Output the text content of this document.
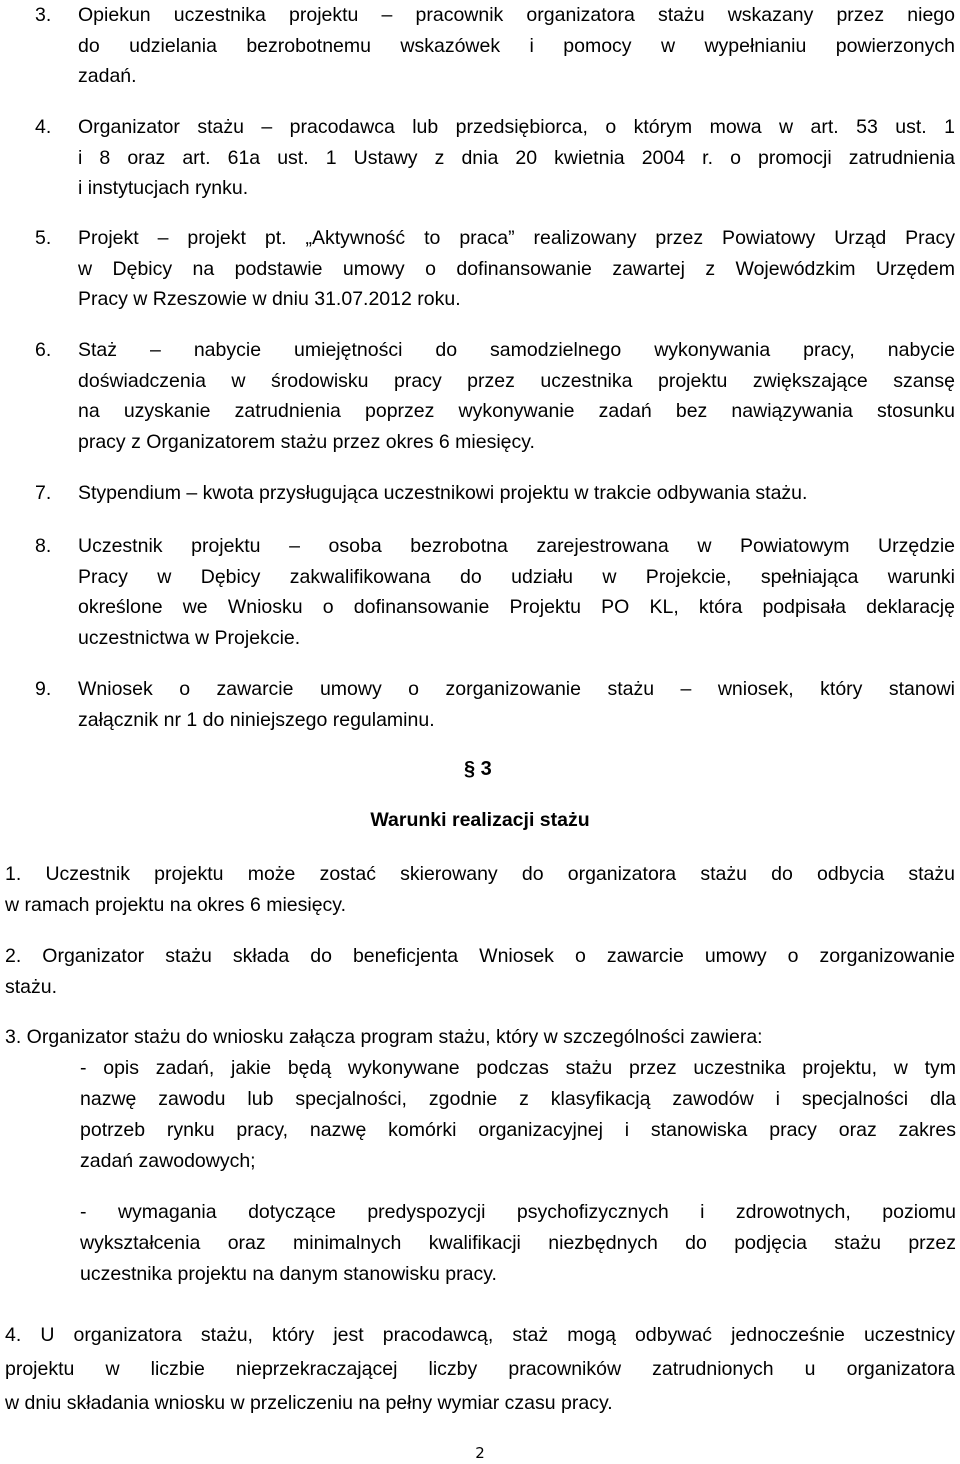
3. Opiekun uczestnika projektu – pracownik organizatora stażu wskazany przez niego
do udzielania bezrobotnemu wskazówek i pomocy w wypełnianiu powierzonych
zadań.
4. Organizator stażu – pracodawca lub przedsiębiorca, o którym mowa w art. 53 ust. 1
i 8 oraz art. 61a ust. 1 Ustawy z dnia 20 kwietnia 2004 r. o promocji zatrudnienia
i instytucjach rynku.
5. Projekt – projekt pt. „Aktywność to praca” realizowany przez Powiatowy Urząd Pracy
w Dębicy na podstawie umowy o dofinansowanie zawartej z Wojewódzkim Urzędem
Pracy w Rzeszowie w dniu 31.07.2012 roku.
6. Staż – nabycie umiejętności do samodzielnego wykonywania pracy, nabycie
doświadczenia w środowisku pracy przez uczestnika projektu zwiększające szansę
na uzyskanie zatrudnienia poprzez wykonywanie zadań bez nawiązywania stosunku
pracy z Organizatorem stażu przez okres 6 miesięcy.
7. Stypendium – kwota przysługująca uczestnikowi projektu w trakcie odbywania stażu.
8. Uczestnik projektu – osoba bezrobotna zarejestrowana w Powiatowym Urzędzie
Pracy w Dębicy zakwalifikowana do udziału w Projekcie, spełniająca warunki
określone we Wniosku o dofinansowanie Projektu PO KL, która podpisała deklarację
uczestnictwa w Projekcie.
9. Wniosek o zawarcie umowy o zorganizowanie stażu – wniosek, który stanowi
załącznik nr 1 do niniejszego regulaminu.
§ 3
Warunki realizacji stażu
1. Uczestnik projektu może zostać skierowany do organizatora stażu do odbycia stażu
w ramach projektu na okres 6 miesięcy.
2. Organizator stażu składa do beneficjenta Wniosek o zawarcie umowy o zorganizowanie
stażu.
3. Organizator stażu do wniosku załącza program stażu, który w szczególności zawiera:
- opis zadań, jakie będą wykonywane podczas stażu przez uczestnika projektu, w tym
nazwę zawodu lub specjalności, zgodnie z klasyfikacją zawodów i specjalności dla
potrzeb rynku pracy, nazwę komórki organizacyjnej i stanowiska pracy oraz zakres
zadań zawodowych;
- wymagania dotyczące predyspozycji psychofizycznych i zdrowotnych, poziomu
wykształcenia oraz minimalnych kwalifikacji niezbędnych do podjęcia stażu przez
uczestnika projektu na danym stanowisku pracy.
4. U organizatora stażu, który jest pracodawcą, staż mogą odbywać jednocześnie uczestnicy
projektu w liczbie nieprzekraczającej liczby pracowników zatrudnionych u organizatora
w dniu składania wniosku w przeliczeniu na pełny wymiar czasu pracy.
2
